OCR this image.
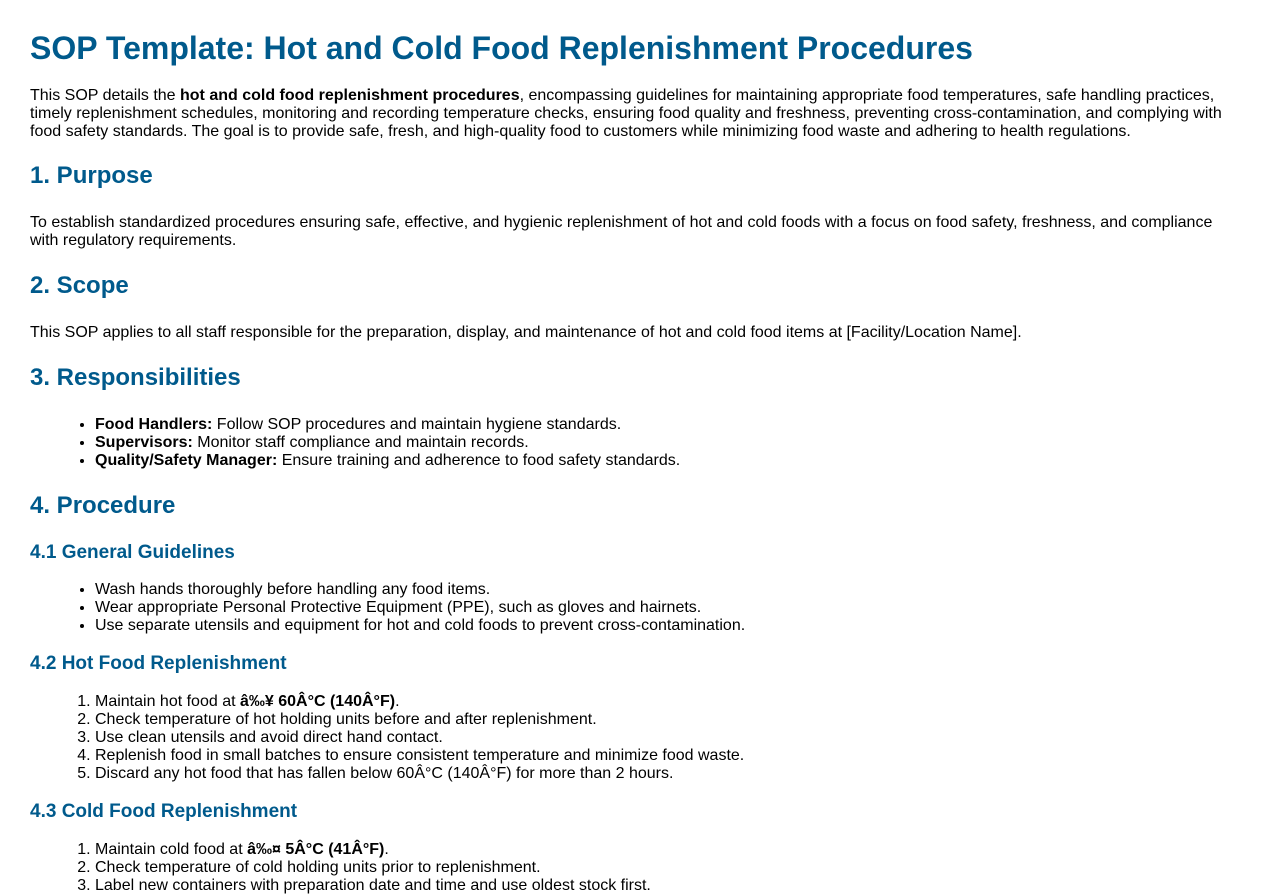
SOP Template: Hot and Cold Food Replenishment Procedures

This SOP details the hot and cold food replenishment procedures, encompassing guidelines for maintaining appropriate food temperatures, safe handling practices, timely replenishment schedules, monitoring and recording temperature checks, ensuring food quality and freshness, preventing cross-contamination, and complying with food safety standards. The goal is to provide safe, fresh, and high-quality food to customers while minimizing food waste and adhering to health regulations.

1. Purpose

To establish standardized procedures ensuring safe, effective, and hygienic replenishment of hot and cold foods with a focus on food safety, freshness, and compliance with regulatory requirements.

2. Scope

This SOP applies to all staff responsible for the preparation, display, and maintenance of hot and cold food items at [Facility/Location Name].

3. Responsibilities
• Food Handlers: Follow SOP procedures and maintain hygiene standards.
• Supervisors: Monitor staff compliance and maintain records.
• Quality/Safety Manager: Ensure training and adherence to food safety standards.
4. Procedure
4.1 General Guidelines
• Wash hands thoroughly before handling any food items.
• Wear appropriate Personal Protective Equipment (PPE), such as gloves and hairnets.
• Use separate utensils and equipment for hot and cold foods to prevent cross-contamination.
4.2 Hot Food Replenishment
1. Maintain hot food at â‰¥ 60Â°C (140Â°F).
2. Check temperature of hot holding units before and after replenishment.
3. Use clean utensils and avoid direct hand contact.
4. Replenish food in small batches to ensure consistent temperature and minimize food waste.
5. Discard any hot food that has fallen below 60Â°C (140Â°F) for more than 2 hours.
4.3 Cold Food Replenishment
1. Maintain cold food at â‰¤ 5Â°C (41Â°F).
2. Check temperature of cold holding units prior to replenishment.
3. Label new containers with preparation date and time and use oldest stock first.
